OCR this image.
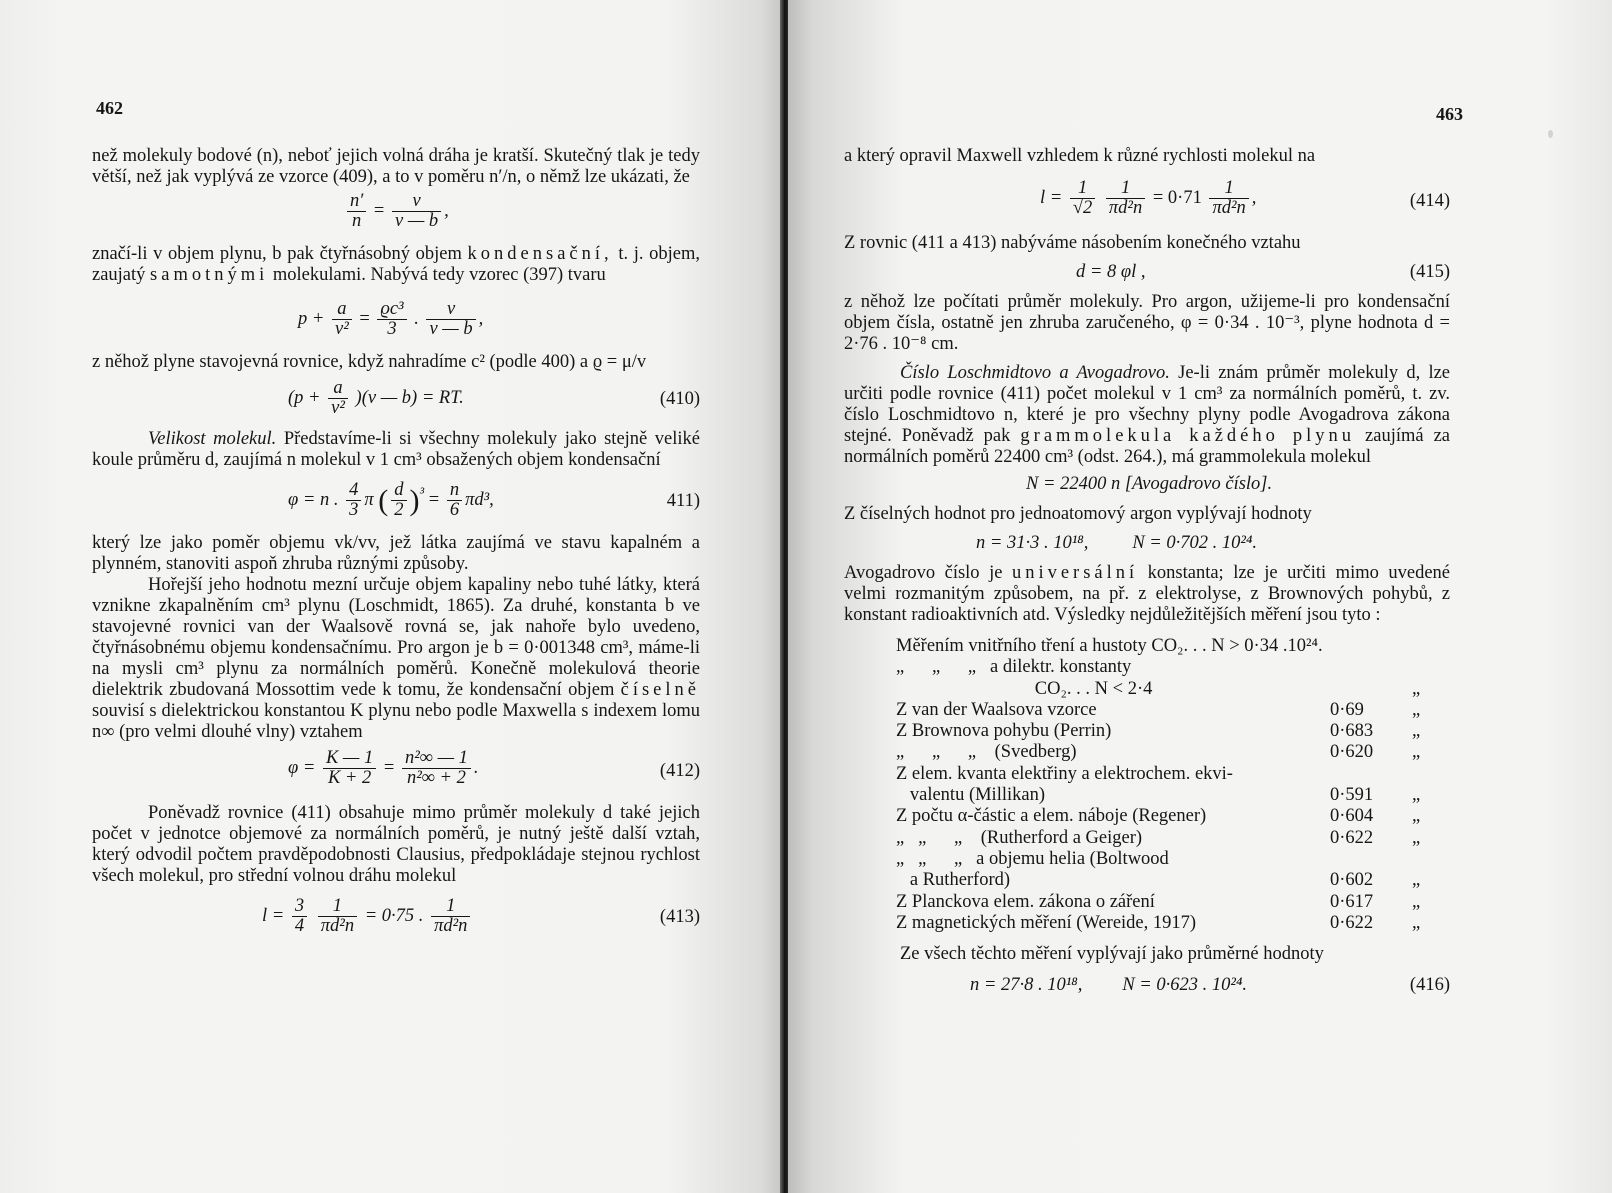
462

než molekuly bodové (n), neboť jejich volná dráha je kratší. Skutečný tlak je tedy větší, než jak vyplývá ze vzorce (409), a to v poměru n′/n, o němž lze ukázati, že

$\frac{n'}{n} = \frac{v}{v — b}$ ,

značí-li v objem plynu, b pak čtyřnásobný objem kondensační, t. j. objem, zaujatý samotnými molekulami. Nabývá tedy vzorec (397) tvaru

$p + \frac{a}{\text{v²}} = \frac{\text{ϱc³}}{3}$ . $\frac{v}{v — b}$ ,

z něhož plyne stavojevná rovnice, když nahradíme c² (podle 400) a ϱ = μ/v

$(p + \frac{a}{\text{v²}} )(v$ — b) = RT.	(410)

Velikost molekul. Představíme-li si všechny molekuly jako stejně veliké koule průměru d, zaujímá n molekul v 1 cm³ obsažených objem kondensační

φ = n . $\frac{4}{3}$ π ( $\frac{d}{2} )^{^3} = \frac{n}{6} \pi d^3$,	411)

který lze jako poměr objemu vk/vv, jež látka zaujímá ve stavu kapalném a plynném, stanoviti aspoň zhruba různými způsoby.

Hořejší jeho hodnotu mezní určuje objem kapaliny nebo tuhé látky, která vznikne zkapalněním cm³ plynu (Loschmidt, 1865). Za druhé, konstanta b ve stavojevné rovnici van der Waalsově rovná se, jak nahoře bylo uvedeno, čtyřnásobnému objemu kondensačnímu. Pro argon je b = 0·001348 cm³, máme-li na mysli cm³ plynu za normálních poměrů. Konečně molekulová theorie dielektrik zbudovaná Mossottim vede k tomu, že kondensační objem číselně souvisí s dielektrickou konstantou K plynu nebo podle Maxwella s indexem lomu n∞ (pro velmi dlouhé vlny) vztahem

$\varphi = \frac{K — 1}{K + 2} = \frac{\text{n²∞ — 1}}{\text{n²∞ + 2}}$ .	(412)

Poněvadž rovnice (411) obsahuje mimo průměr molekuly d také jejich počet v jednotce objemové za normálních poměrů, je nutný ještě další vztah, který odvodil počtem pravděpodobnosti Clausius, předpokládaje stejnou rychlost všech molekul, pro střední volnou dráhu molekul

$l = \frac{3}{4}$
$\frac{1}{\text{πd²n}} = 0\cdot 75$ . $\frac{1}{\text{πd²n}}$	(413)
463

a který opravil Maxwell vzhledem k různé rychlosti molekul na

$l = \frac{1}{√2}$
$\frac{1}{\text{πd²n}} = 0\cdot 71 \frac{1}{\text{πd²n}}$ ,	(414)

Z rovnic (411 a 413) nabýváme násobením konečného vztahu

d = 8 φl ,	(415)

z něhož lze počítati průměr molekuly. Pro argon, užijeme-li pro kondensační objem čísla, ostatně jen zhruba zaručeného, φ = 0·34 . 10⁻³, plyne hodnota d = 2·76 . 10⁻⁸ cm.

Číslo Loschmidtovo a Avogadrovo. Je-li znám průměr molekuly d, lze určiti podle rovnice (411) počet molekul v 1 cm³ za normálních poměrů, t. zv. číslo Loschmidtovo n, které je pro všechny plyny podle Avogadrova zákona stejné. Poněvadž pak grammolekula každého plynu zaujímá za normálních poměrů 22400 cm³ (odst. 264.), má grammolekula molekul

N = 22400 n [Avogadrovo číslo].

Z číselných hodnot pro jednoatomový argon vyplývají hodnoty

n = 31·3 . 10¹⁸, N = 0·702 . 10²⁴.

Avogadrovo číslo je universální konstanta; lze je určiti mimo uvedené velmi rozmanitým způsobem, na př. z elektrolyse, z Brownových pohybů, z konstant radioaktivních atd. Výsledky nejdůležitějších měření jsou tyto :

Měřením vnitřního tření a hustoty CO₂. . . N > 0·34 .10²⁴.
„      „      „   a dilektr. konstanty
CO₂. . . N < 2·4	„
Z van der Waalsova vzorce	0·69	„
Z Brownova pohybu (Perrin)	0·683 „
„      „      „    (Svedberg)	0·620 „
Z elem. kvanta elektřiny a elektrochem. ekvi-
valentu (Millikan)	0·591 „
Z počtu α-částic a elem. náboje (Regener)	0·604 „
„   „      „    (Rutherford a Geiger)	0·622 „
„   „      „   a objemu helia (Boltwood
a Rutherford)	0·602 „
Z Planckova elem. zákona o záření	0·617 „
Z magnetických měření (Wereide, 1917)	0·622 „

Ze všech těchto měření vyplývají jako průměrné hodnoty

n = 27·8 . 10¹⁸, N = 0·623 . 10²⁴.	(416)
